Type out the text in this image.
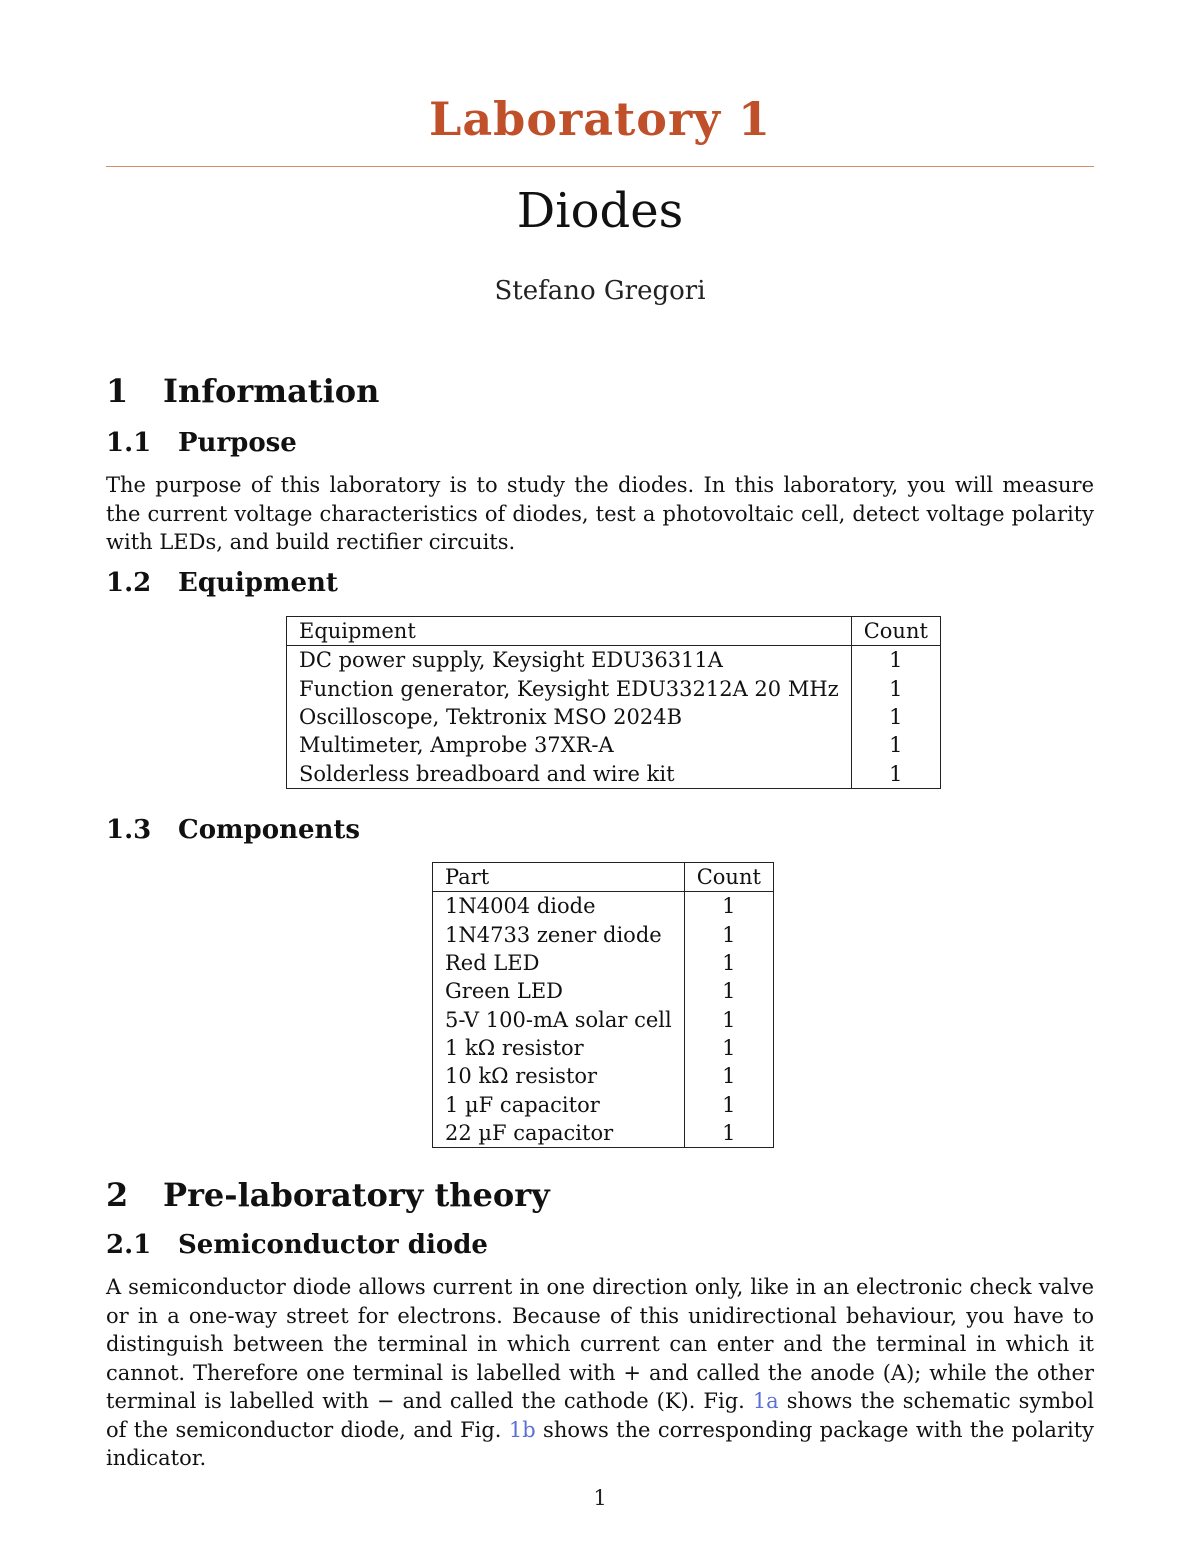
Laboratory 1
Diodes
Stefano Gregori
1 Information
1.1 Purpose
The purpose of this laboratory is to study the diodes. In this laboratory, you will measure the current voltage characteristics of diodes, test a photovoltaic cell, detect voltage polarity with LEDs, and build rectifier circuits.
1.2 Equipment
Equipment	Count
DC power supply, Keysight EDU36311A	1
Function generator, Keysight EDU33212A 20 MHz	1
Oscilloscope, Tektronix MSO 2024B	1
Multimeter, Amprobe 37XR-A	1
Solderless breadboard and wire kit	1
1.3 Components
Part	Count
1N4004 diode	1
1N4733 zener diode	1
Red LED	1
Green LED	1
5-V 100-mA solar cell	1
1 kΩ resistor	1
10 kΩ resistor	1
1 µF capacitor	1
22 µF capacitor	1
2 Pre-laboratory theory
2.1 Semiconductor diode
A semiconductor diode allows current in one direction only, like in an electronic check valve or in a one-way street for electrons. Because of this unidirectional behaviour, you have to distinguish between the terminal in which current can enter and the terminal in which it cannot. Therefore one terminal is labelled with + and called the anode (A); while the other terminal is labelled with − and called the cathode (K). Fig. 1a shows the schematic symbol of the semiconductor diode, and Fig. 1b shows the corresponding package with the polarity indicator.
1
